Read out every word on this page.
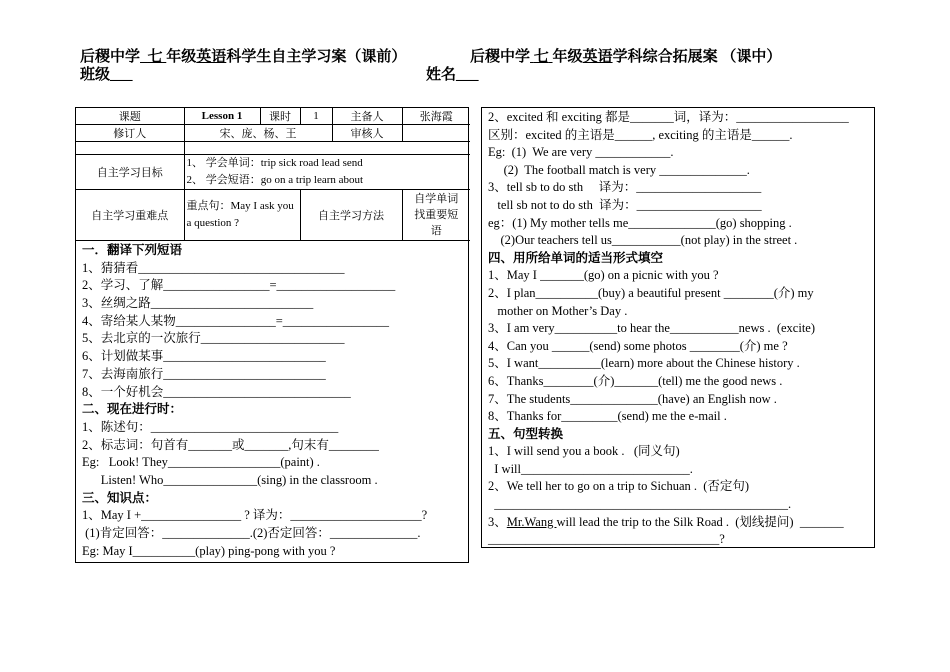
后稷中学 七 年级英语科学生自主学习案（课前）	后稷中学 七 年级英语学科综合拓展案 （课中）
班级___	姓名___
课题	Lesson 1	课时	1	主备人	张海霞
修订人	宋、庞、杨、王			审核人	

自主学习目标	1、 学会单词：trip sick road lead send
2、 学会短语：go on a trip learn about				

自主学习重难点	重点句：May I ask you a question ?		自主学习方法		自学单词找重要短语
一．翻译下列短语
1、猜猜看_________________________________
2、学习、了解_________________=___________________
3、丝绸之路__________________________
4、寄给某人某物________________=_________________
5、去北京的一次旅行_______________________
6、计划做某事__________________________
7、去海南旅行__________________________
8、一个好机会______________________________
二、现在进行时：
1、陈述句：______________________________
2、标志词：句首有_______或_______,句末有________
Eg:   Look! They__________________(paint) .
Listen! Who_______________(sing) in the classroom .
三、知识点：
1、May I +________________ ? 译为：_____________________?
(1)肯定回答：______________.(2)否定回答：______________.
Eg: May I__________(play) ping-pong with you ?
2、excited 和 exciting 都是_______词，译为：__________________
区别：excited 的主语是______, exciting 的主语是______.
Eg:  (1)  We are very ____________.
(2)  The football match is very ______________.
3、tell sb to do sth     译为：____________________
tell sb not to do sth  译为：____________________
eg：(1) My mother tells me______________(go) shopping .
(2)Our teachers tell us___________(not play) in the street .
四、用所给单词的适当形式填空
1、May I _______(go) on a picnic with you ?
2、I plan__________(buy) a beautiful present ________(介) my
mother on Mother’s Day .
3、I am very__________to hear the___________news .  (excite)
4、Can you ______(send) some photos ________(介) me ?
5、I want__________(learn) more about the Chinese history .
6、Thanks________(介)_______(tell) me the good news .
7、The students______________(have) an English now .
8、Thanks for_________(send) me the e-mail .
五、句型转换
1、I will send you a book .   (同义句)
I will___________________________.
2、We tell her to go on a trip to Sichuan .  (否定句)
_______________________________________________.
3、Mr.Wang will lead the trip to the Silk Road .  (划线提问)  _______
_____________________________________?
